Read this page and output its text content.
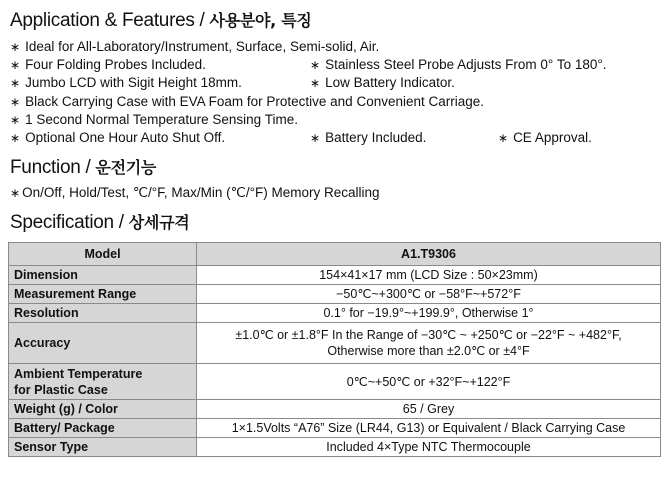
Application & Features / 사용분야, 특징
∗ Ideal for All-Laboratory/Instrument, Surface, Semi-solid, Air.
∗ Four Folding Probes Included.	∗ Stainless Steel Probe Adjusts From 0° To 180°.
∗ Jumbo LCD with Sigit Height 18mm.	∗ Low Battery Indicator.
∗ Black Carrying Case with EVA Foam for Protective and Convenient Carriage.
∗ 1 Second Normal Temperature Sensing Time.
∗ Optional One Hour Auto Shut Off.	∗ Battery Included.	∗ CE Approval.
Function / 운전기능
∗ On/Off, Hold/Test, ℃/°F, Max/Min (℃/°F) Memory Recalling
Specification / 상세규격
Model	A1.T9306
Dimension	154×41×17 mm (LCD Size : 50×23mm)
Measurement Range	−50℃~+300℃ or −58°F~+572°F
Resolution	0.1° for −19.9°~+199.9°, Otherwise 1°
Accuracy	±1.0℃ or ±1.8°F In the Range of −30℃ ~ +250℃ or −22°F ~ +482°F,
Otherwise more than ±2.0℃ or ±4°F

Ambient Temperature
for Plastic Case	0℃~+50℃ or +32°F~+122°F
Weight (g) / Color	65 / Grey
Battery/ Package	1×1.5Volts “A76” Size (LR44, G13) or Equivalent / Black Carrying Case
Sensor Type	Included 4×Type NTC Thermocouple
